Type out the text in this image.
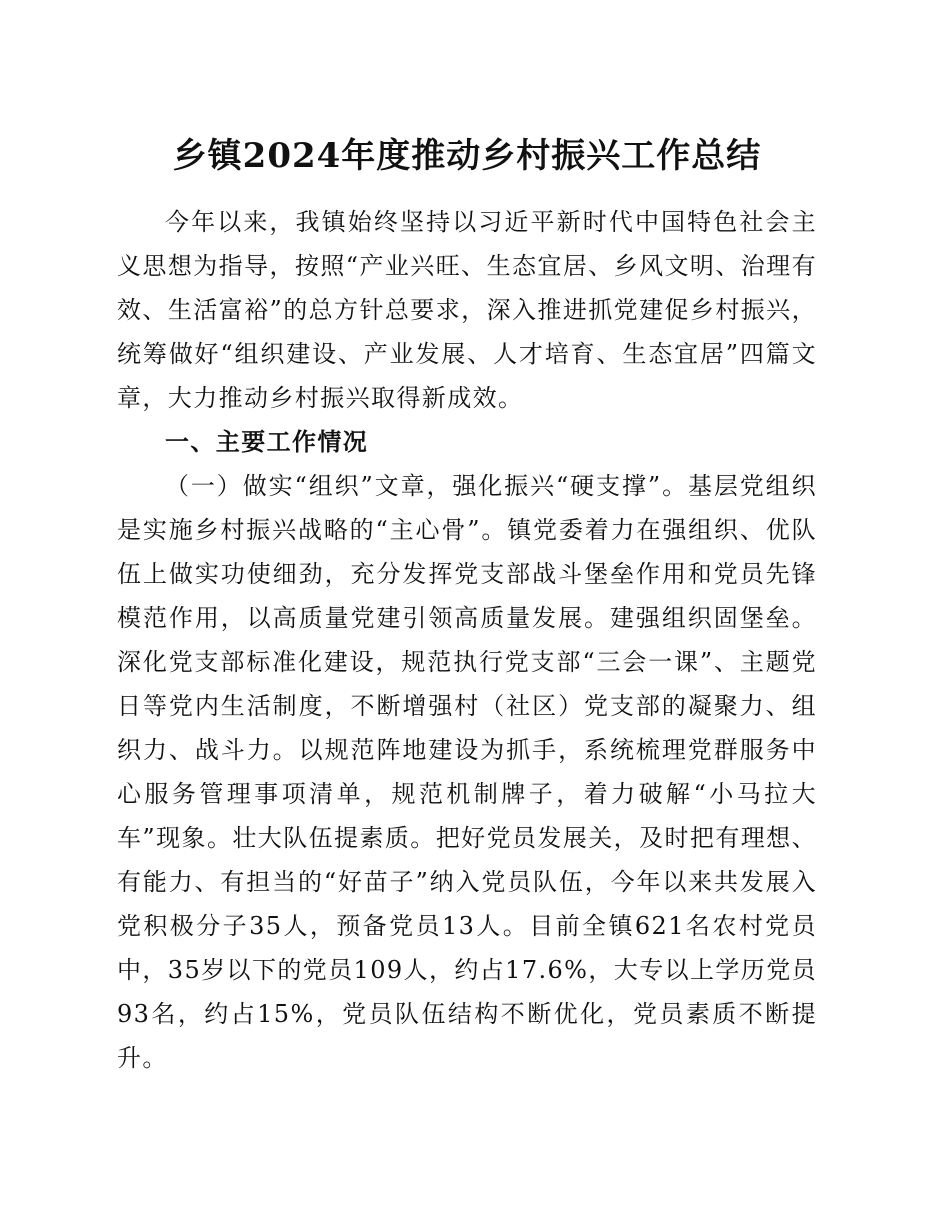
乡镇2024年度推动乡村振兴工作总结

今年以来，我镇始终坚持以习近平新时代中国特色社会主义思想为指导，按照“产业兴旺、生态宜居、乡风文明、治理有效、生活富裕”的总方针总要求，深入推进抓党建促乡村振兴，统筹做好“组织建设、产业发展、人才培育、生态宜居”四篇文章，大力推动乡村振兴取得新成效。

一、主要工作情况

（一）做实“组织”文章，强化振兴“硬支撑”。基层党组织是实施乡村振兴战略的“主心骨”。镇党委着力在强组织、优队伍上做实功使细劲，充分发挥党支部战斗堡垒作用和党员先锋模范作用，以高质量党建引领高质量发展。建强组织固堡垒。深化党支部标准化建设，规范执行党支部“三会一课”、主题党日等党内生活制度，不断增强村（社区）党支部的凝聚力、组织力、战斗力。以规范阵地建设为抓手，系统梳理党群服务中心服务管理事项清单，规范机制牌子，着力破解“小马拉大车”现象。壮大队伍提素质。把好党员发展关，及时把有理想、有能力、有担当的“好苗子”纳入党员队伍，今年以来共发展入党积极分子35人，预备党员13人。目前全镇621名农村党员中，35岁以下的党员109人，约占17.6%，大专以上学历党员93名，约占15%，党员队伍结构不断优化，党员素质不断提升。
